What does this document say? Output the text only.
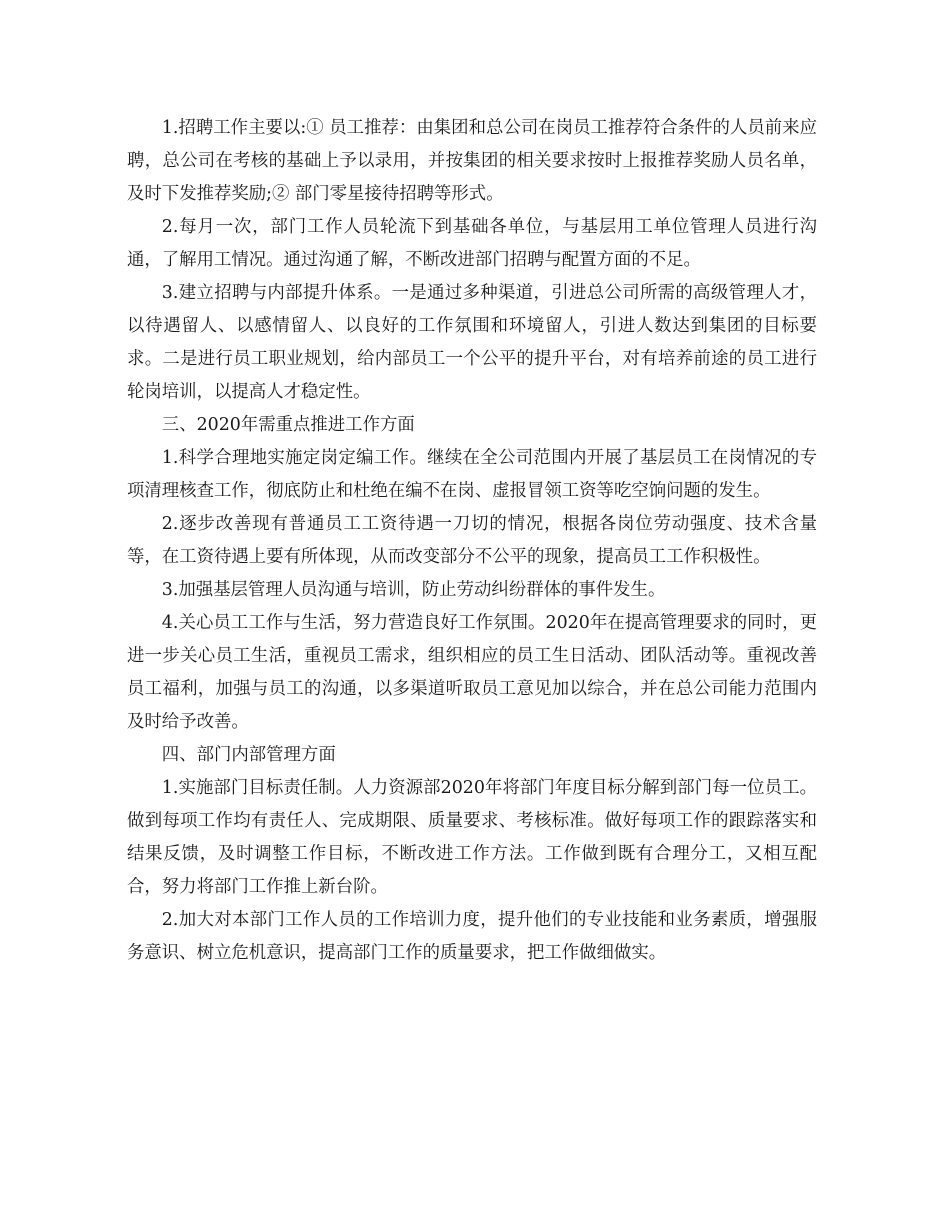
1.招聘工作主要以:① 员工推荐：由集团和总公司在岗员工推荐符合条件的人员前来应聘，总公司在考核的基础上予以录用，并按集团的相关要求按时上报推荐奖励人员名单，及时下发推荐奖励;② 部门零星接待招聘等形式。

2.每月一次，部门工作人员轮流下到基础各单位，与基层用工单位管理人员进行沟通，了解用工情况。通过沟通了解，不断改进部门招聘与配置方面的不足。

3.建立招聘与内部提升体系。一是通过多种渠道，引进总公司所需的高级管理人才，以待遇留人、以感情留人、以良好的工作氛围和环境留人，引进人数达到集团的目标要求。二是进行员工职业规划，给内部员工一个公平的提升平台，对有培养前途的员工进行轮岗培训，以提高人才稳定性。

三、2020年需重点推进工作方面

1.科学合理地实施定岗定编工作。继续在全公司范围内开展了基层员工在岗情况的专项清理核查工作，彻底防止和杜绝在编不在岗、虚报冒领工资等吃空饷问题的发生。

2.逐步改善现有普通员工工资待遇一刀切的情况，根据各岗位劳动强度、技术含量等，在工资待遇上要有所体现，从而改变部分不公平的现象，提高员工工作积极性。

3.加强基层管理人员沟通与培训，防止劳动纠纷群体的事件发生。

4.关心员工工作与生活，努力营造良好工作氛围。2020年在提高管理要求的同时，更进一步关心员工生活，重视员工需求，组织相应的员工生日活动、团队活动等。重视改善员工福利，加强与员工的沟通，以多渠道听取员工意见加以综合，并在总公司能力范围内及时给予改善。

四、部门内部管理方面

1.实施部门目标责任制。人力资源部2020年将部门年度目标分解到部门每一位员工。做到每项工作均有责任人、完成期限、质量要求、考核标准。做好每项工作的跟踪落实和结果反馈，及时调整工作目标，不断改进工作方法。工作做到既有合理分工，又相互配合，努力将部门工作推上新台阶。

2.加大对本部门工作人员的工作培训力度，提升他们的专业技能和业务素质，增强服务意识、树立危机意识，提高部门工作的质量要求，把工作做细做实。
